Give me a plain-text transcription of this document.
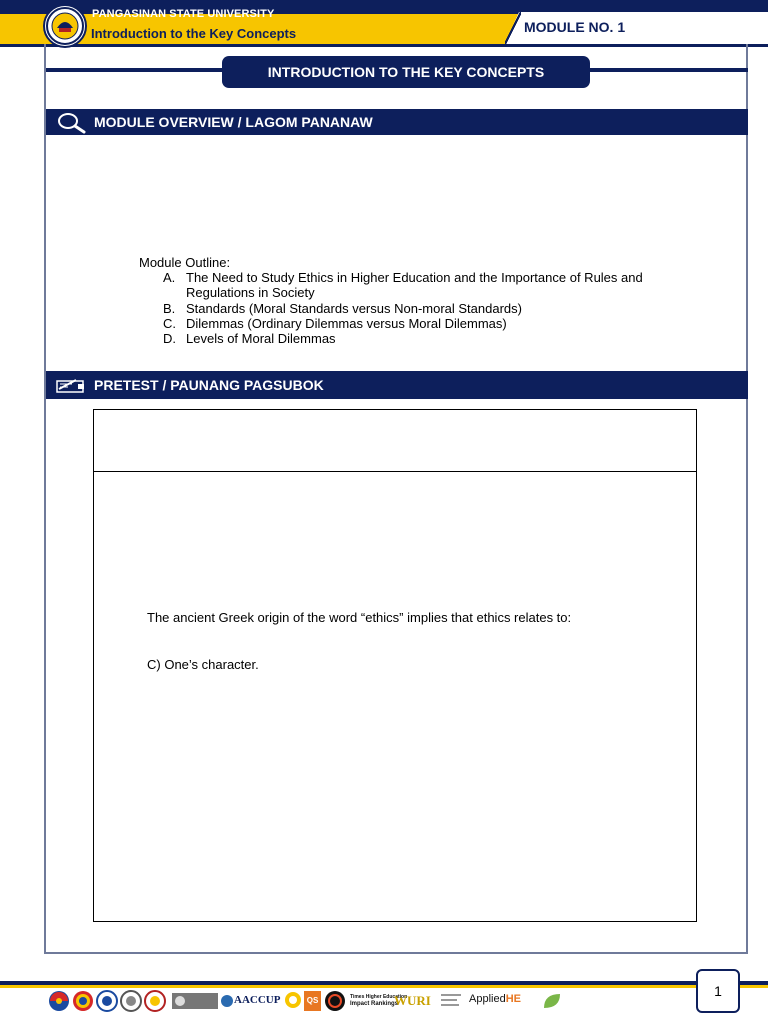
PANGASINAN STATE UNIVERSITY
Introduction to the Key Concepts	MODULE NO. 1
INTRODUCTION TO THE KEY CONCEPTS
MODULE OVERVIEW / LAGOM PANANAW

Module Outline:

A. The Need to Study Ethics in Higher Education and the Importance of Rules and Regulations in Society
B. Standards (Moral Standards versus Non-moral Standards)
C. Dilemmas (Ordinary Dilemmas versus Moral Dilemmas)
D. Levels of Moral Dilemmas
PRETEST / PAUNANG PAGSUBOK
The ancient Greek origin of the word “ethics” implies that ethics relates to:
C) One’s character.
AACCUP	QS	Times Higher Education
Impact Rankings
WURI	AppliedHE	1
